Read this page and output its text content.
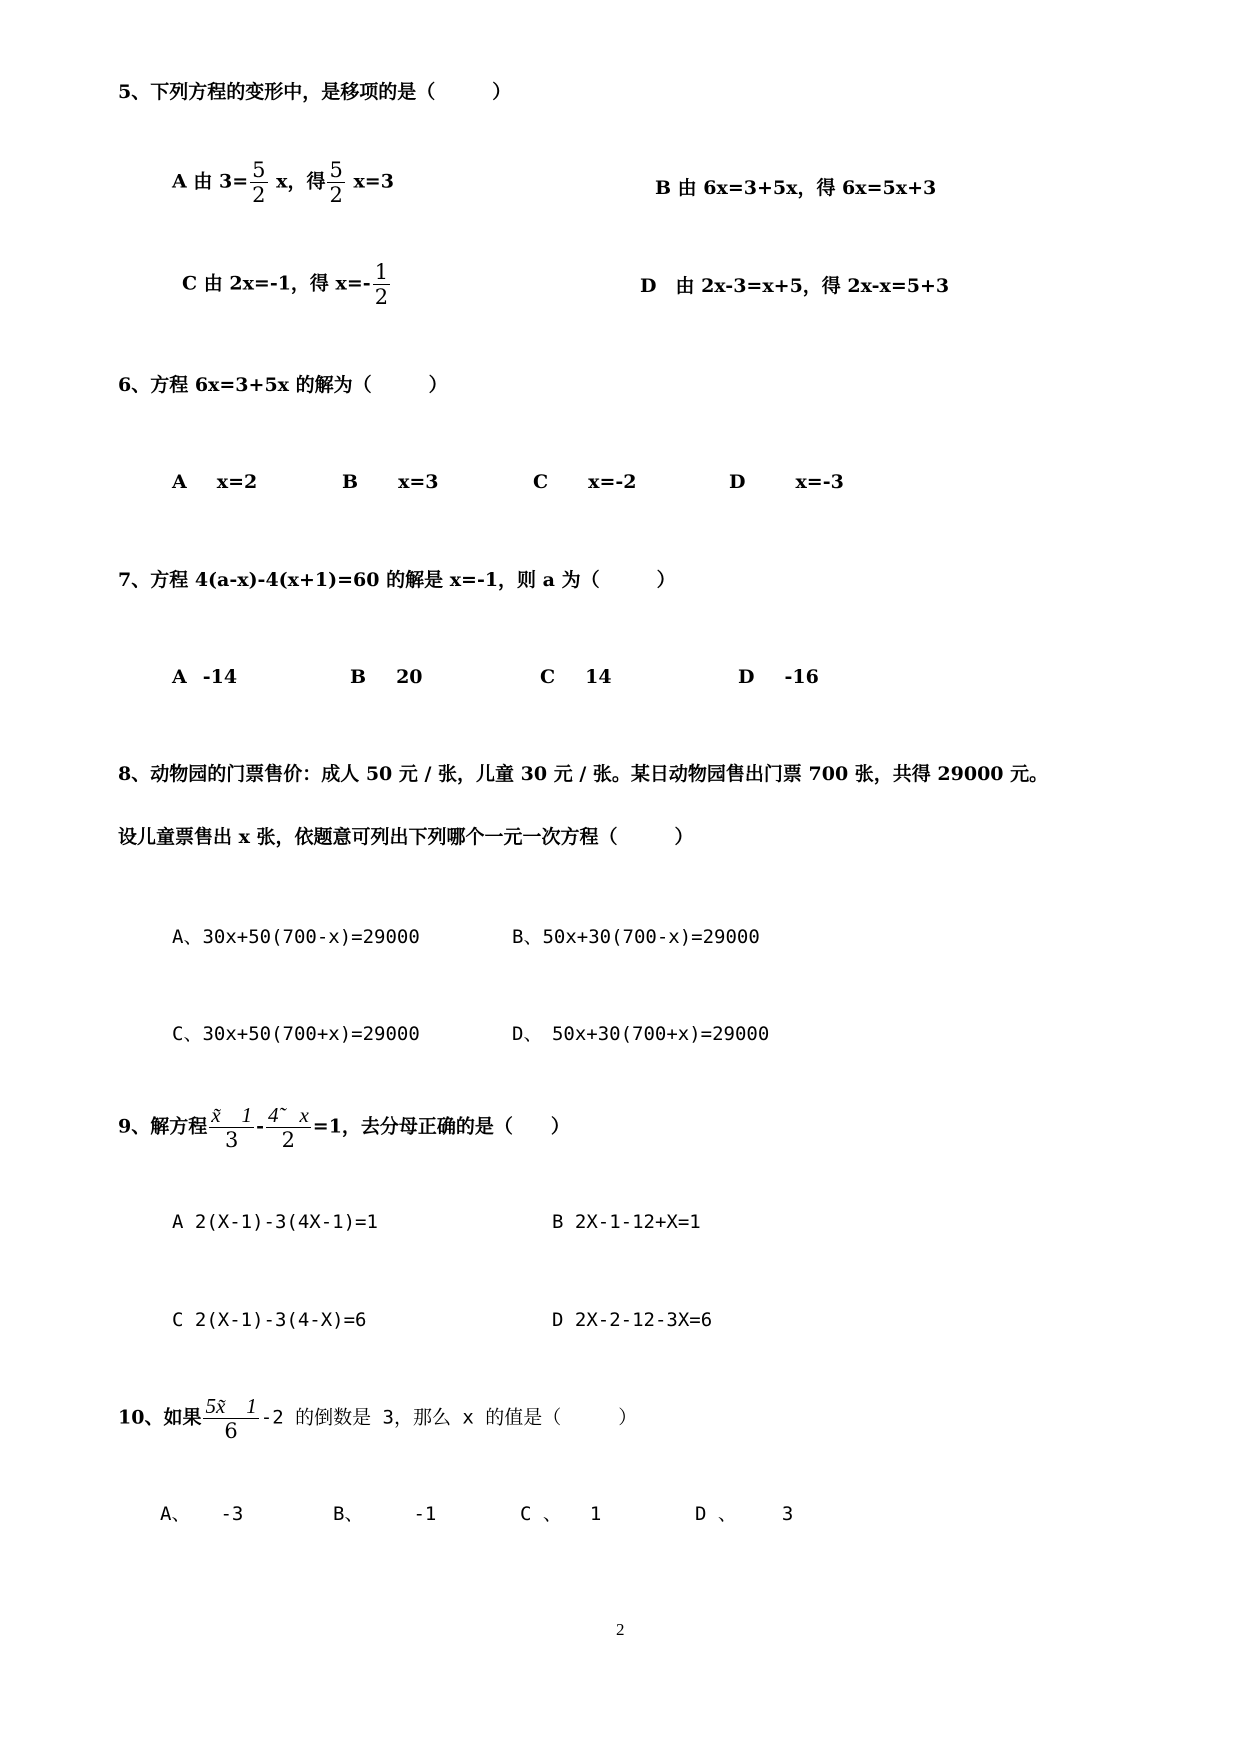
5、下列方程的变形中，是移项的是（　　　）
A 由 $3= \frac{5}{2}$ x，得 $\frac{5}{2} x=3$	B 由 6x=3+5x，得 6x=5x+3
C 由 2x=-1，得 $x=- \frac{1}{2}$	D　由 2x-3=x+5，得 2x-x=5+3
6、方程 6x=3+5x 的解为（　　　）
A x=2	B x=3	C x=-2	D	x=-3
7、方程 4(a-x)-4(x+1)=60 的解是 x=-1，则 a 为（　　　）
A -14	B 20	C 14	D -16
8、动物园的门票售价：成人 50 元 / 张，儿童 30 元 / 张。某日动物园售出门票 700 张，共得 29000 元。
设儿童票售出 x 张，依题意可列出下列哪个一元一次方程（　　　）
A、30x+50(700-x)=29000	B、50x+30(700-x)=29000
C、30x+50(700+x)=29000	D、　50x+30(700+x)=29000
9、解方程 $\frac{x̃ 1}{3} - \frac{4̃ x}{2} =1$，去分母正确的是（　　）
A 2(X-1)-3(4X-1)=1	B 2X-1-12+X=1
C 2(X-1)-3(4-X)=6	D 2X-2-12-3X=6
10、如果 $\frac{5x̃ 1}{6} -2$ 的倒数是 3，那么 x 的值是（　　　）
A、 -3	B、	-1	C 、 1	D 、 3
2
